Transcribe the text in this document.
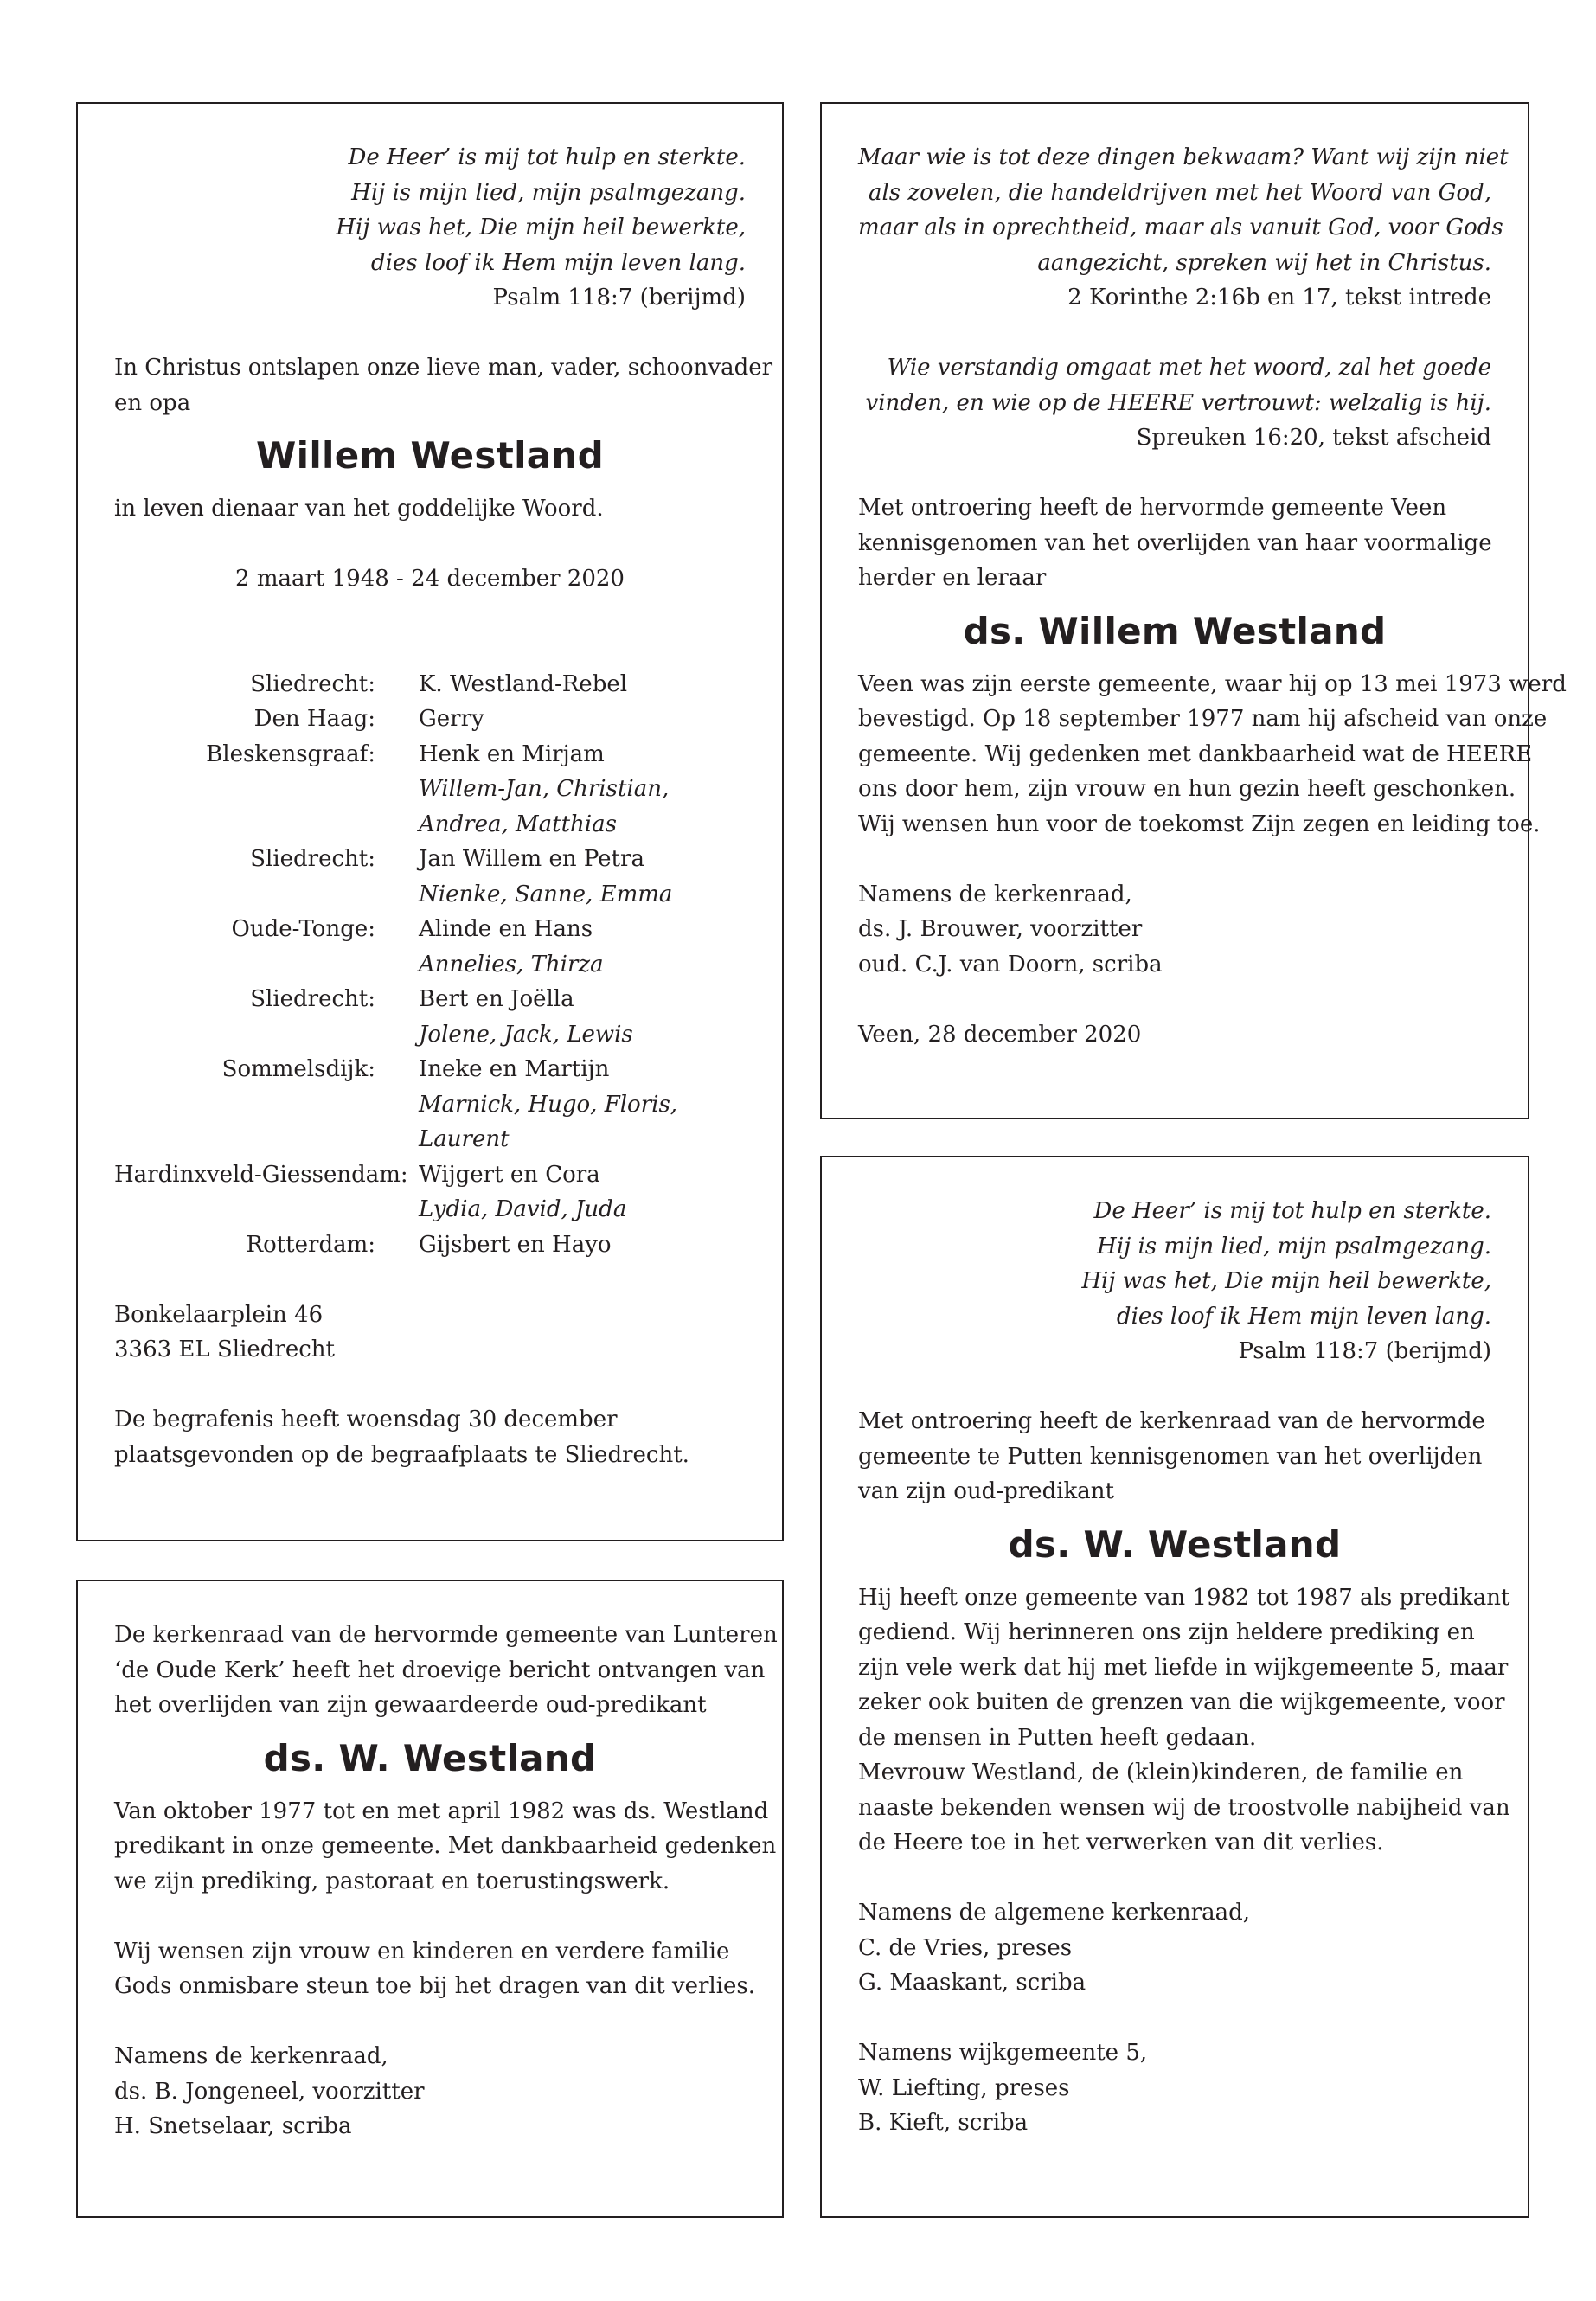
De Heer’ is mij tot hulp en sterkte.
Hij is mijn lied, mijn psalmgezang.
Hij was het, Die mijn heil bewerkte,
dies loof ik Hem mijn leven lang.
Psalm 118:7 (berijmd)
In Christus ontslapen onze lieve man, vader, schoonvader
en opa
Willem Westland
in leven dienaar van het goddelijke Woord.
2 maart 1948 - 24 december 2020
Sliedrecht: K. Westland-Rebel
Den Haag: Gerry
Bleskensgraaf: Henk en Mirjam
Willem-Jan, Christian,
Andrea, Matthias
Sliedrecht: Jan Willem en Petra
Nienke, Sanne, Emma
Oude-Tonge: Alinde en Hans
Annelies, Thirza
Sliedrecht: Bert en Joëlla
Jolene, Jack, Lewis
Sommelsdijk: Ineke en Martijn
Marnick, Hugo, Floris,
Laurent
Hardinxveld-Giessendam: Wijgert en Cora
Lydia, David, Juda
Rotterdam: Gijsbert en Hayo
Bonkelaarplein 46
3363 EL Sliedrecht
De begrafenis heeft woensdag 30 december
plaatsgevonden op de begraafplaats te Sliedrecht.
Maar wie is tot deze dingen bekwaam? Want wij zijn niet
als zovelen, die handeldrijven met het Woord van God,
maar als in oprechtheid, maar als vanuit God, voor Gods
aangezicht, spreken wij het in Christus.
2 Korinthe 2:16b en 17, tekst intrede
Wie verstandig omgaat met het woord, zal het goede
vinden, en wie op de HEERE vertrouwt: welzalig is hij.
Spreuken 16:20, tekst afscheid
Met ontroering heeft de hervormde gemeente Veen
kennisgenomen van het overlijden van haar voormalige
herder en leraar
ds. Willem Westland
Veen was zijn eerste gemeente, waar hij op 13 mei 1973 werd
bevestigd. Op 18 september 1977 nam hij afscheid van onze
gemeente. Wij gedenken met dankbaarheid wat de HEERE
ons door hem, zijn vrouw en hun gezin heeft geschonken.
Wij wensen hun voor de toekomst Zijn zegen en leiding toe.
Namens de kerkenraad,
ds. J. Brouwer, voorzitter
oud. C.J. van Doorn, scriba
Veen, 28 december 2020
De kerkenraad van de hervormde gemeente van Lunteren
‘de Oude Kerk’ heeft het droevige bericht ontvangen van
het overlijden van zijn gewaardeerde oud-predikant
ds. W. Westland
Van oktober 1977 tot en met april 1982 was ds. Westland
predikant in onze gemeente. Met dankbaarheid gedenken
we zijn prediking, pastoraat en toerustingswerk.
Wij wensen zijn vrouw en kinderen en verdere familie
Gods onmisbare steun toe bij het dragen van dit verlies.
Namens de kerkenraad,
ds. B. Jongeneel, voorzitter
H. Snetselaar, scriba
De Heer’ is mij tot hulp en sterkte.
Hij is mijn lied, mijn psalmgezang.
Hij was het, Die mijn heil bewerkte,
dies loof ik Hem mijn leven lang.
Psalm 118:7 (berijmd)
Met ontroering heeft de kerkenraad van de hervormde
gemeente te Putten kennisgenomen van het overlijden
van zijn oud-predikant
ds. W. Westland
Hij heeft onze gemeente van 1982 tot 1987 als predikant
gediend. Wij herinneren ons zijn heldere prediking en
zijn vele werk dat hij met liefde in wijkgemeente 5, maar
zeker ook buiten de grenzen van die wijkgemeente, voor
de mensen in Putten heeft gedaan.
Mevrouw Westland, de (klein)kinderen, de familie en
naaste bekenden wensen wij de troostvolle nabijheid van
de Heere toe in het verwerken van dit verlies.
Namens de algemene kerkenraad,
C. de Vries, preses
G. Maaskant, scriba
Namens wijkgemeente 5,
W. Liefting, preses
B. Kieft, scriba
